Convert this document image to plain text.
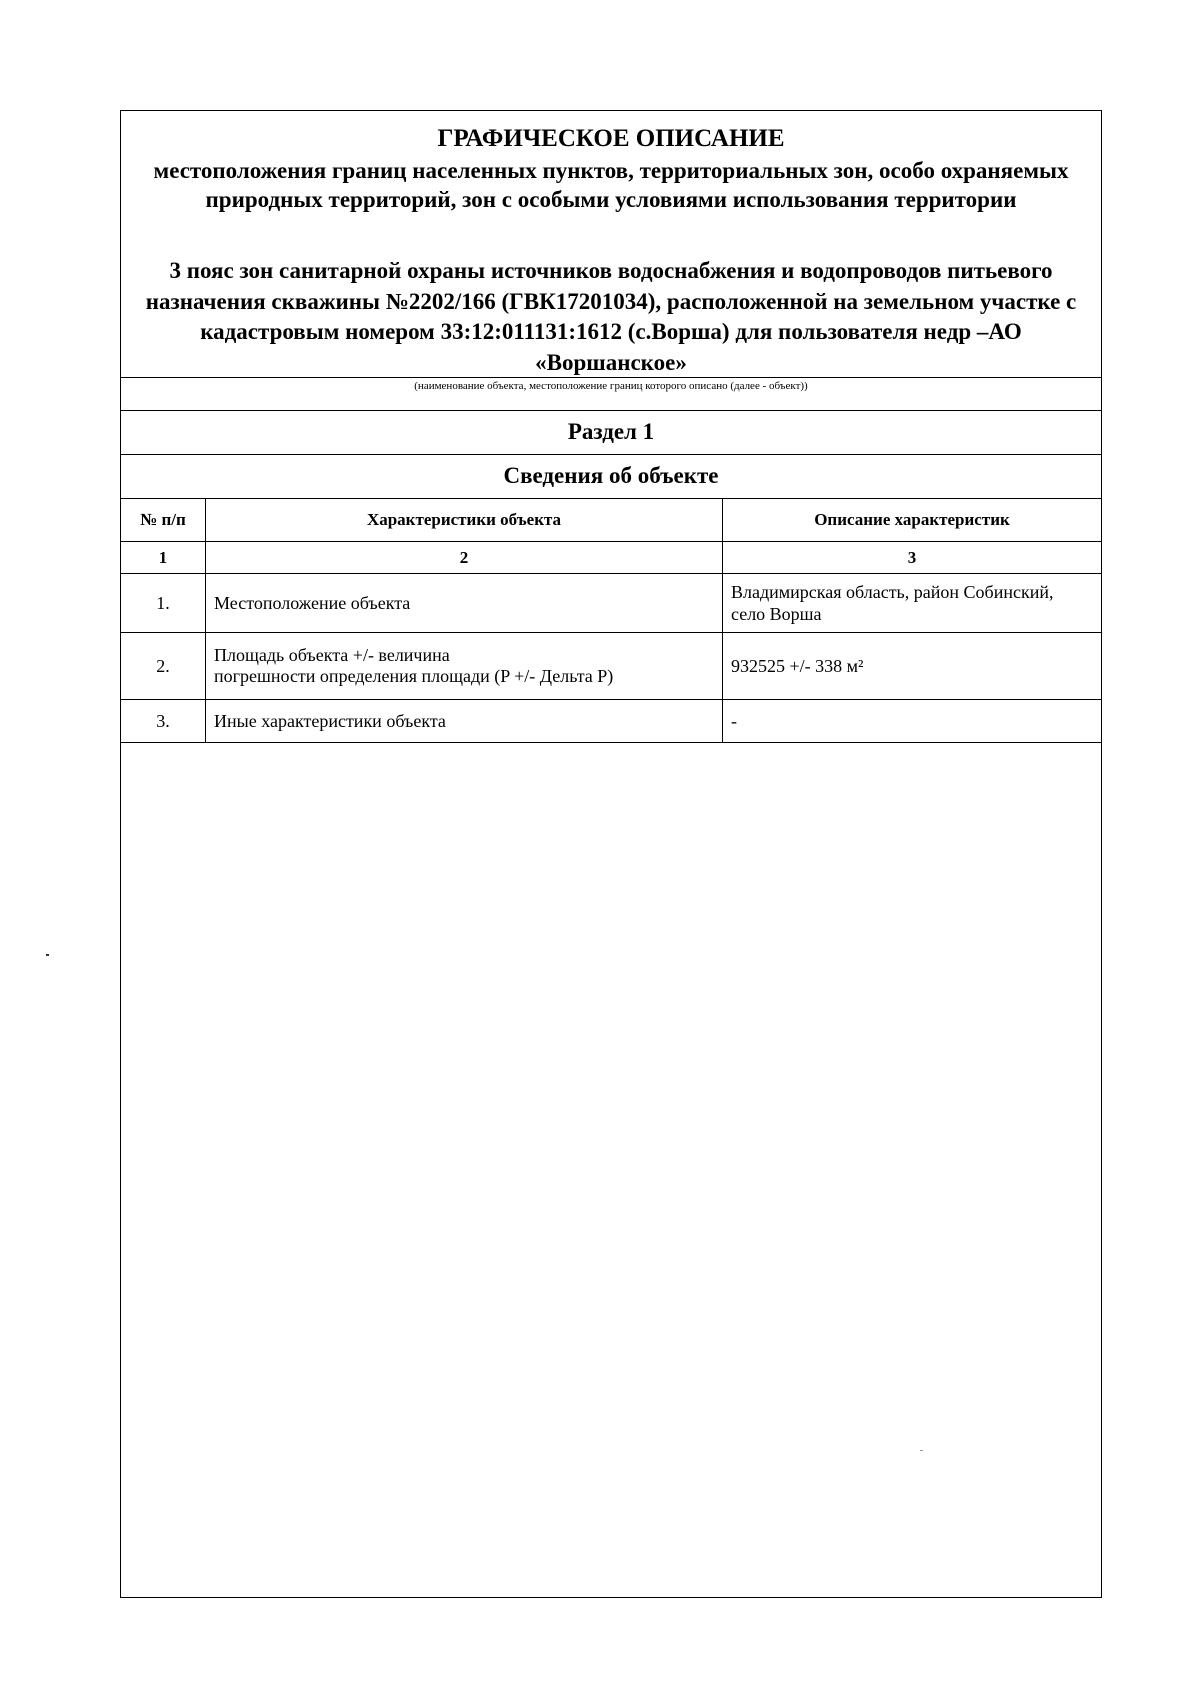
ГРАФИЧЕСКОЕ ОПИСАНИЕ
местоположения границ населенных пунктов, территориальных зон, особо охраняемых природных территорий, зон с особыми условиями использования территории
3 пояс зон санитарной охраны источников водоснабжения и водопроводов питьевого назначения скважины №2202/166 (ГВК17201034), расположенной на земельном участке с кадастровым номером 33:12:011131:1612 (с.Ворша) для пользователя недр –АО «Воршанское»
(наименование объекта, местоположение границ которого описано (далее - объект))
Раздел 1
Сведения об объекте
№ п/п	Характеристики объекта	Описание характеристик
1	2	3
1.	Местоположение объекта	Владимирская область, район Собинский,
село Ворша

2.	Площадь объекта +/- величина
погрешности определения площади (P +/- Дельта P)	932525 +/- 338 м²
3.	Иные характеристики объекта	-
